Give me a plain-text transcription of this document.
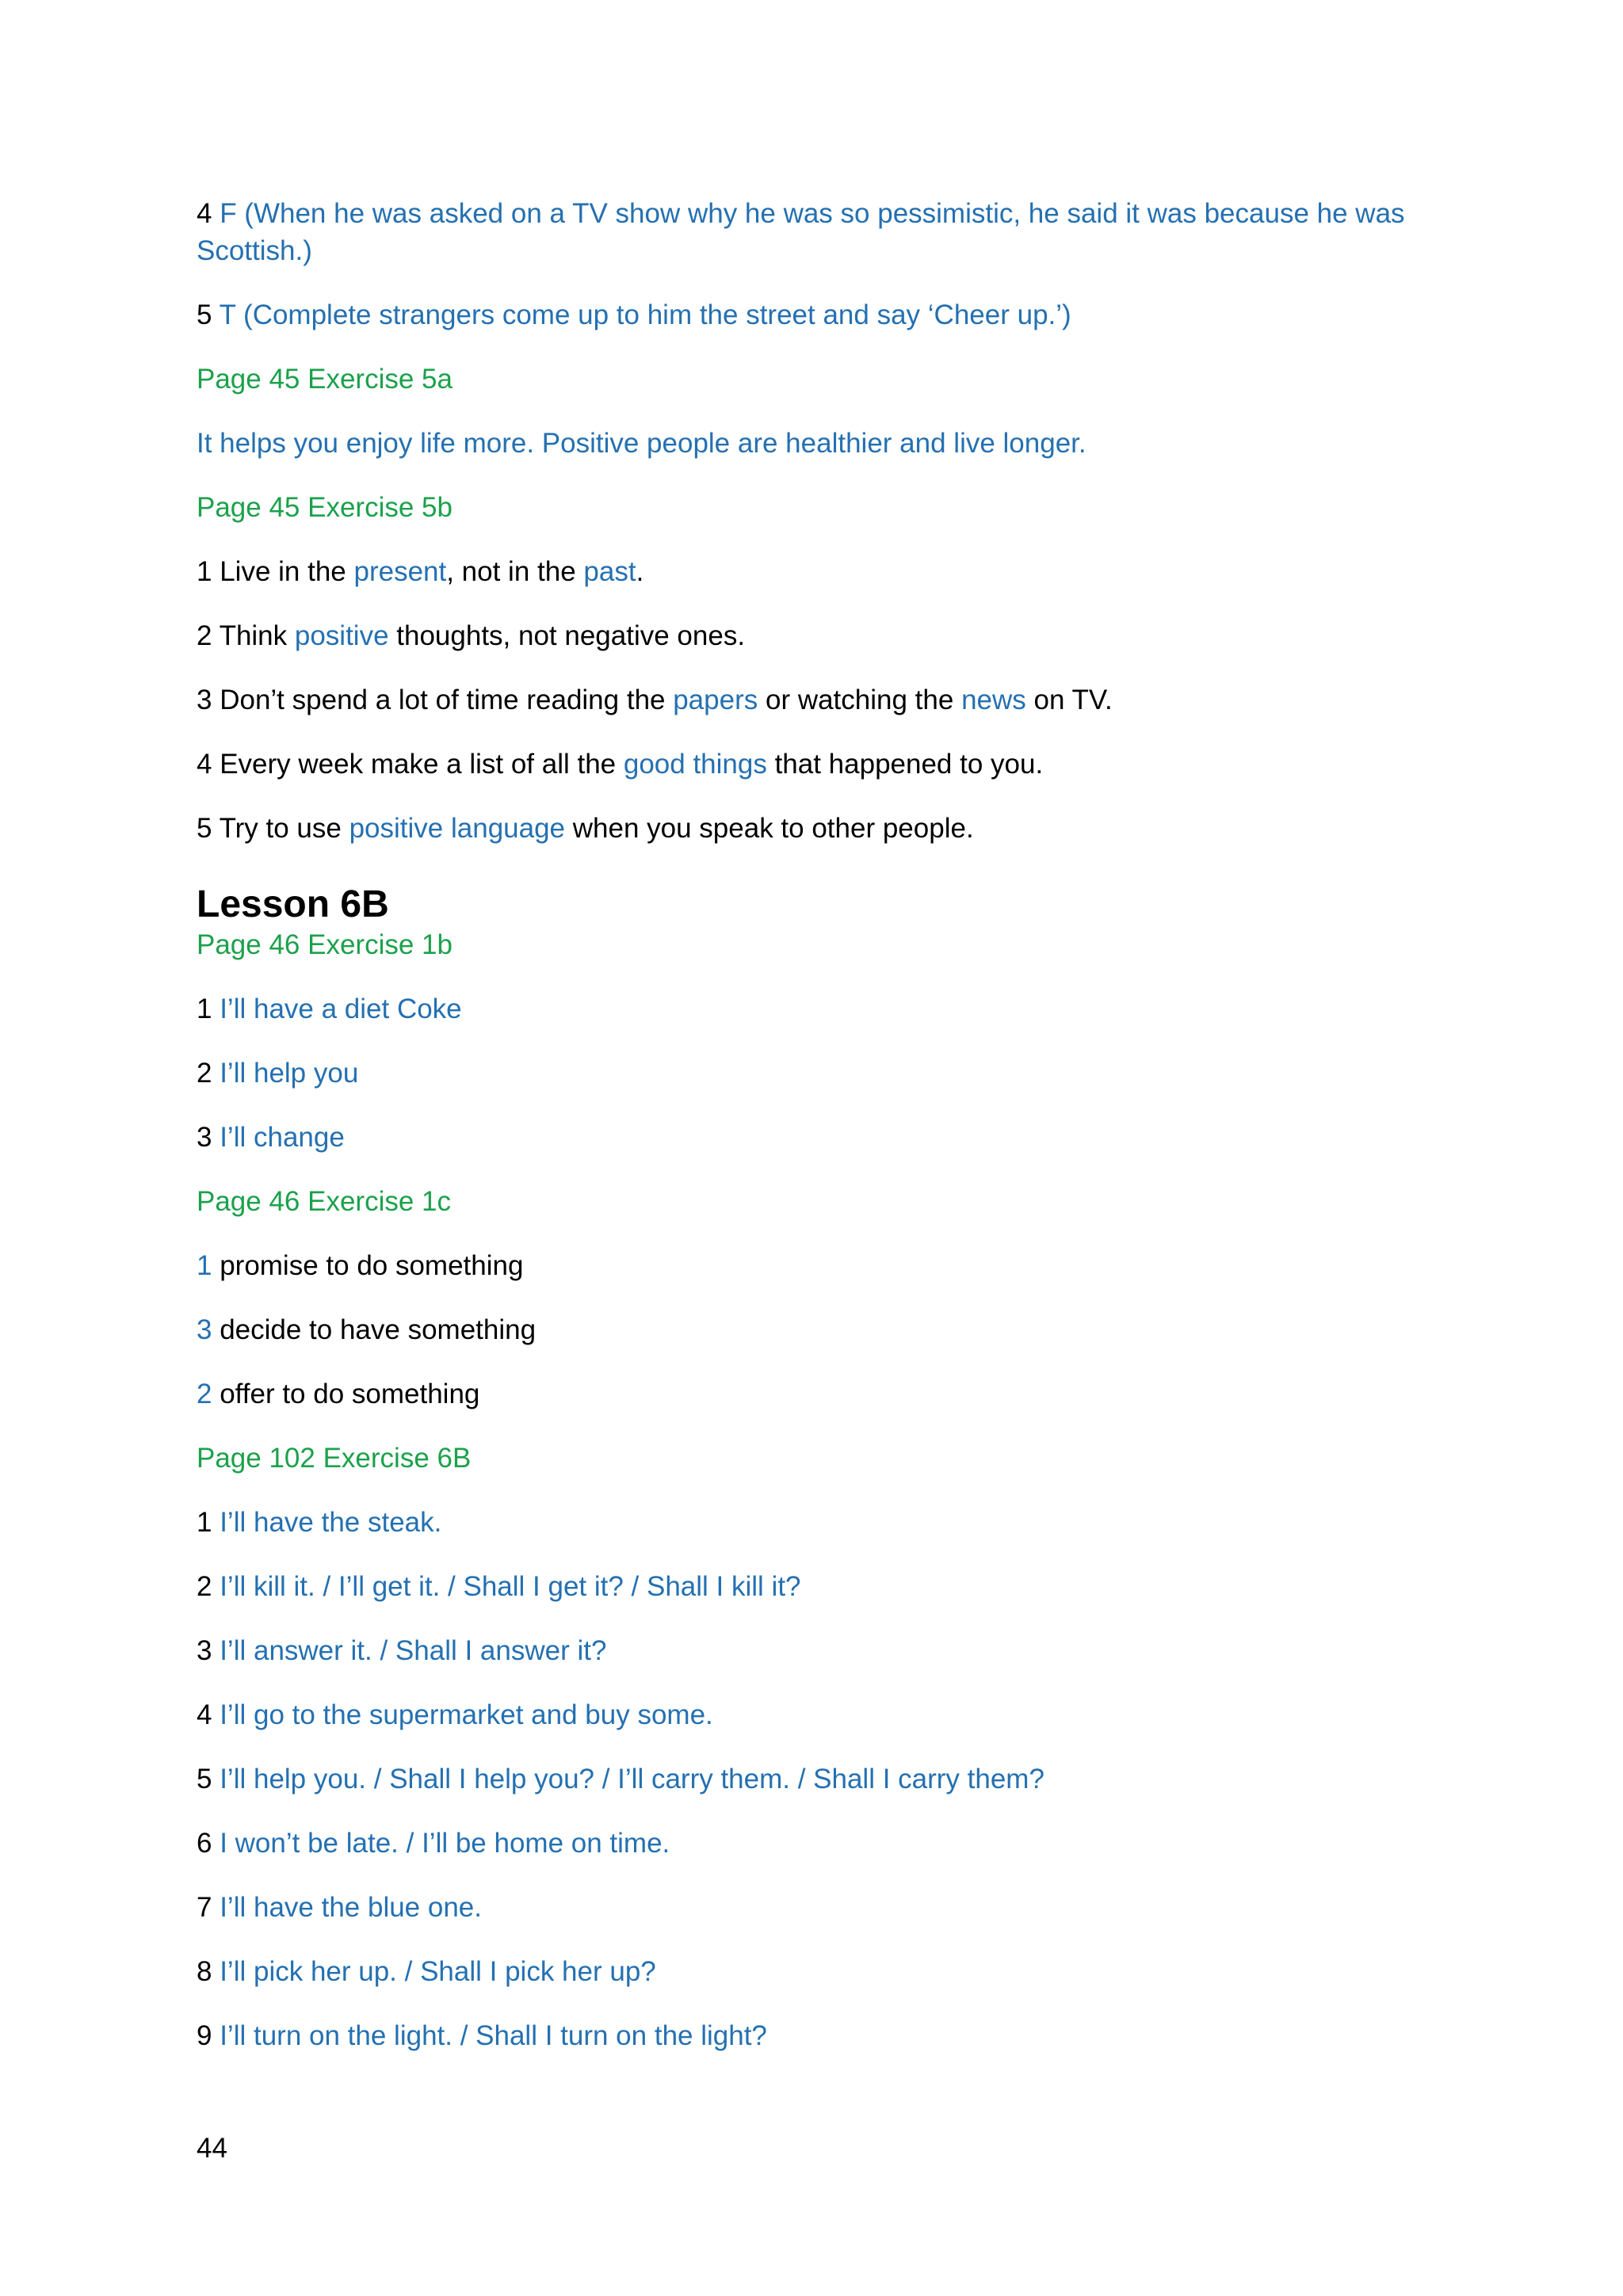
4 F (When he was asked on a TV show why he was so pessimistic, he said it was because he was Scottish.)

5 T (Complete strangers come up to him the street and say ‘Cheer up.’)

Page 45 Exercise 5a

It helps you enjoy life more. Positive people are healthier and live longer.

Page 45 Exercise 5b

1 Live in the present, not in the past.

2 Think positive thoughts, not negative ones.

3 Don’t spend a lot of time reading the papers or watching the news on TV.

4 Every week make a list of all the good things that happened to you.

5 Try to use positive language when you speak to other people.

Lesson 6B

Page 46 Exercise 1b

1 I’ll have a diet Coke

2 I’ll help you

3 I’ll change

Page 46 Exercise 1c

1 promise to do something

3 decide to have something

2 offer to do something

Page 102 Exercise 6B

1 I’ll have the steak.

2 I’ll kill it. / I’ll get it. / Shall I get it? / Shall I kill it?

3 I’ll answer it. / Shall I answer it?

4 I’ll go to the supermarket and buy some.

5 I’ll help you. / Shall I help you? / I’ll carry them. / Shall I carry them?

6 I won’t be late. / I’ll be home on time.

7 I’ll have the blue one.

8 I’ll pick her up. / Shall I pick her up?

9 I’ll turn on the light. / Shall I turn on the light?

44
